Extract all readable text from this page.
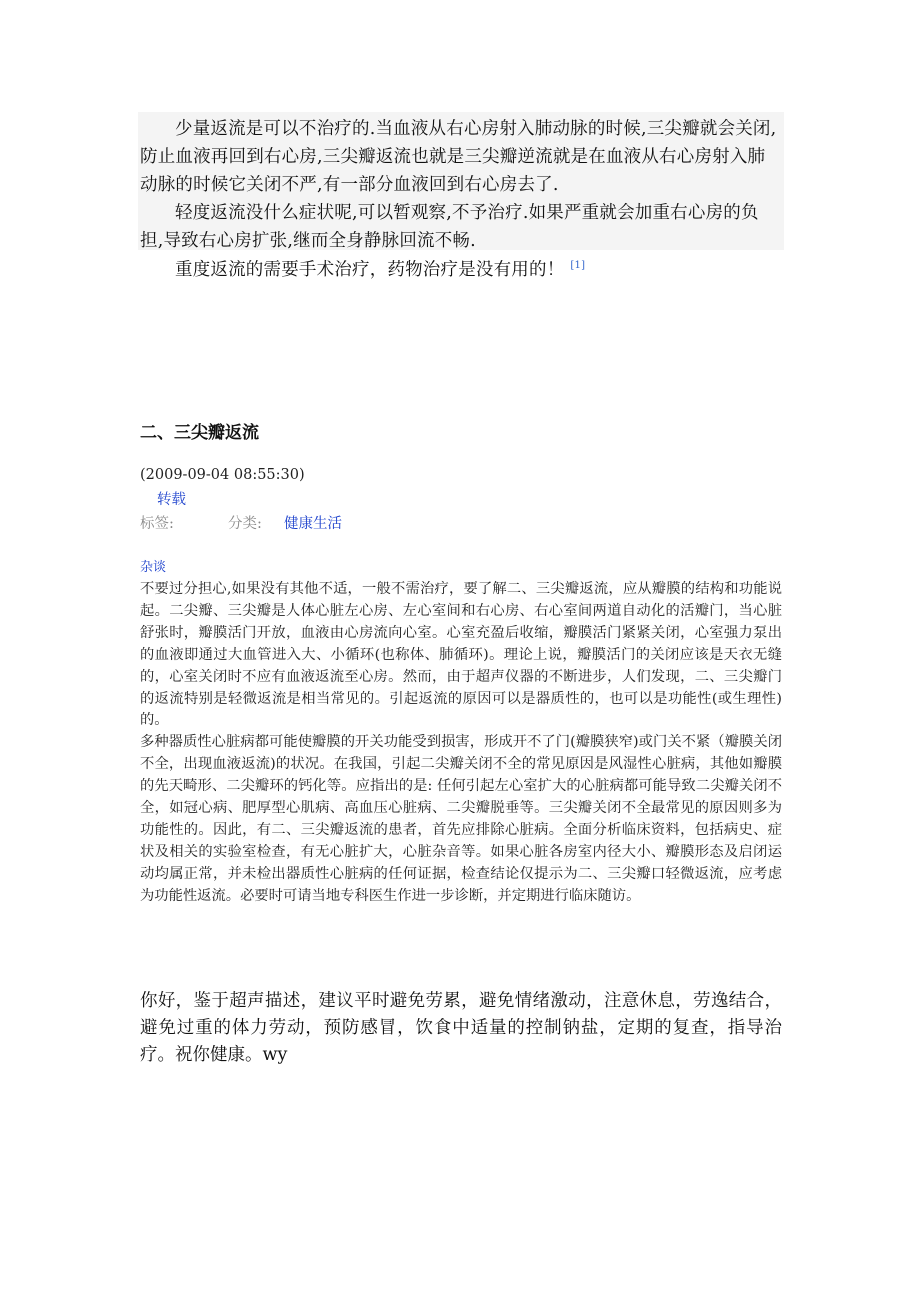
少量返流是可以不治疗的.当血液从右心房射入肺动脉的时候,三尖瓣就会关闭,防止血液再回到右心房,三尖瓣返流也就是三尖瓣逆流就是在血液从右心房射入肺动脉的时候它关闭不严,有一部分血液回到右心房去了.

轻度返流没什么症状呢,可以暂观察,不予治疗.如果严重就会加重右心房的负担,导致右心房扩张,继而全身静脉回流不畅.

重度返流的需要手术治疗，药物治疗是没有用的！ [1]

二、三尖瓣返流
(2009-09-04 08:55:30)
转载
标签:	分类: 健康生活
杂谈

不要过分担心,如果没有其他不适，一般不需治疗，要了解二、三尖瓣返流，应从瓣膜的结构和功能说起。二尖瓣、三尖瓣是人体心脏左心房、左心室间和右心房、右心室间两道自动化的活瓣门，当心脏舒张时，瓣膜活门开放，血液由心房流向心室。心室充盈后收缩，瓣膜活门紧紧关闭，心室强力泵出的血液即通过大血管进入大、小循环(也称体、肺循环)。理论上说，瓣膜活门的关闭应该是天衣无缝的，心室关闭时不应有血液返流至心房。然而，由于超声仪器的不断进步，人们发现，二、三尖瓣门的返流特别是轻微返流是相当常见的。引起返流的原因可以是器质性的，也可以是功能性(或生理性)的。

多种器质性心脏病都可能使瓣膜的开关功能受到损害，形成开不了门(瓣膜狭窄)或门关不紧（瓣膜关闭不全，出现血液返流)的状况。在我国，引起二尖瓣关闭不全的常见原因是风湿性心脏病，其他如瓣膜的先天畸形、二尖瓣环的钙化等。应指出的是: 任何引起左心室扩大的心脏病都可能导致二尖瓣关闭不全，如冠心病、肥厚型心肌病、高血压心脏病、二尖瓣脱垂等。三尖瓣关闭不全最常见的原因则多为功能性的。因此，有二、三尖瓣返流的患者，首先应排除心脏病。全面分析临床资料，包括病史、症状及相关的实验室检查，有无心脏扩大，心脏杂音等。如果心脏各房室内径大小、瓣膜形态及启闭运动均属正常，并未检出器质性心脏病的任何证据，检查结论仅提示为二、三尖瓣口轻微返流，应考虑为功能性返流。必要时可请当地专科医生作进一步诊断，并定期进行临床随访。

你好，鉴于超声描述，建议平时避免劳累，避免情绪激动，注意休息，劳逸结合，避免过重的体力劳动，预防感冒，饮食中适量的控制钠盐，定期的复查，指导治疗。祝你健康。wy
